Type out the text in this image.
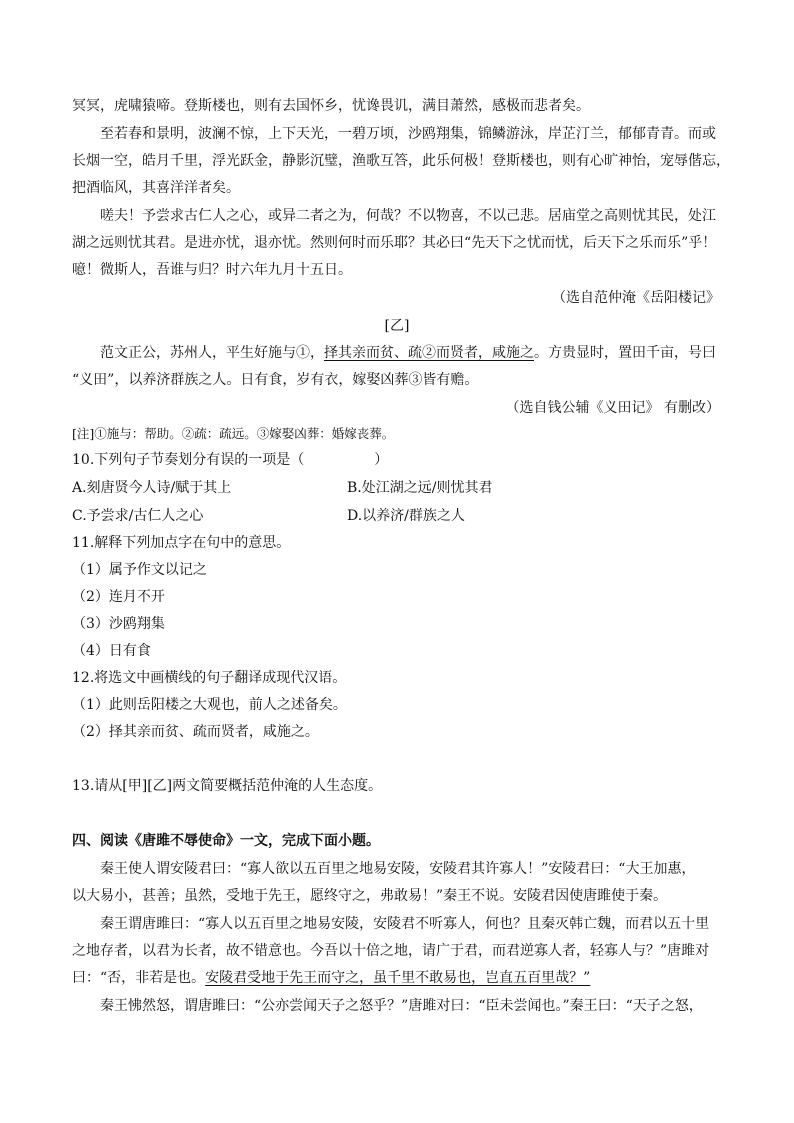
冥冥，虎啸猿啼。登斯楼也，则有去国怀乡，忧谗畏讥，满目萧然，感极而悲者矣。
至若春和景明，波澜不惊，上下天光，一碧万顷，沙鸥翔集，锦鳞游泳，岸芷汀兰，郁郁青青。而或
长烟一空，皓月千里，浮光跃金，静影沉璧，渔歌互答，此乐何极！登斯楼也，则有心旷神怡，宠辱偕忘，
把酒临风，其喜洋洋者矣。
嗟夫！予尝求古仁人之心，或异二者之为，何哉？不以物喜，不以己悲。居庙堂之高则忧其民，处江
湖之远则忧其君。是进亦忧，退亦忧。然则何时而乐耶？其必曰“先天下之忧而忧，后天下之乐而乐”乎！
噫！微斯人，吾谁与归？时六年九月十五日。
（选自范仲淹《岳阳楼记》
[乙]
范文正公，苏州人，平生好施与①，择其亲而贫、疏②而贤者，咸施之。方贵显时，置田千亩，号曰
“义田”，以养济群族之人。日有食，岁有衣，嫁娶凶葬③皆有赡。
（选自钱公辅《义田记》 有删改）
[注]①施与：帮助。②疏：疏远。③嫁娶凶葬：婚嫁丧葬。
10.下列句子节奏划分有误的一项是（　　　　　）
A.刻唐贤今人诗/赋于其上	B.处江湖之远/则忧其君
C.予尝求/古仁人之心	D.以养济/群族之人
11.解释下列加点字在句中的意思。
（1）属予作文以记之
（2）连月不开
（3）沙鸥翔集
（4）日有食
12.将选文中画横线的句子翻译成现代汉语。
（1）此则岳阳楼之大观也，前人之述备矣。
（2）择其亲而贫、疏而贤者，咸施之。
13.请从[甲][乙]两文简要概括范仲淹的人生态度。
四、阅读《唐雎不辱使命》一文，完成下面小题。
秦王使人谓安陵君曰：“寡人欲以五百里之地易安陵，安陵君其许寡人！”安陵君曰：“大王加惠，
以大易小，甚善；虽然，受地于先王，愿终守之，弗敢易！”秦王不说。安陵君因使唐雎使于秦。
秦王谓唐雎曰：“寡人以五百里之地易安陵，安陵君不听寡人，何也？且秦灭韩亡魏，而君以五十里
之地存者，以君为长者，故不错意也。今吾以十倍之地，请广于君，而君逆寡人者，轻寡人与？”唐雎对
曰：“否，非若是也。安陵君受地于先王而守之，虽千里不敢易也，岂直五百里哉？”
秦王怫然怒，谓唐雎曰：“公亦尝闻天子之怒乎？”唐雎对曰：“臣未尝闻也。”秦王曰：“天子之怒，
